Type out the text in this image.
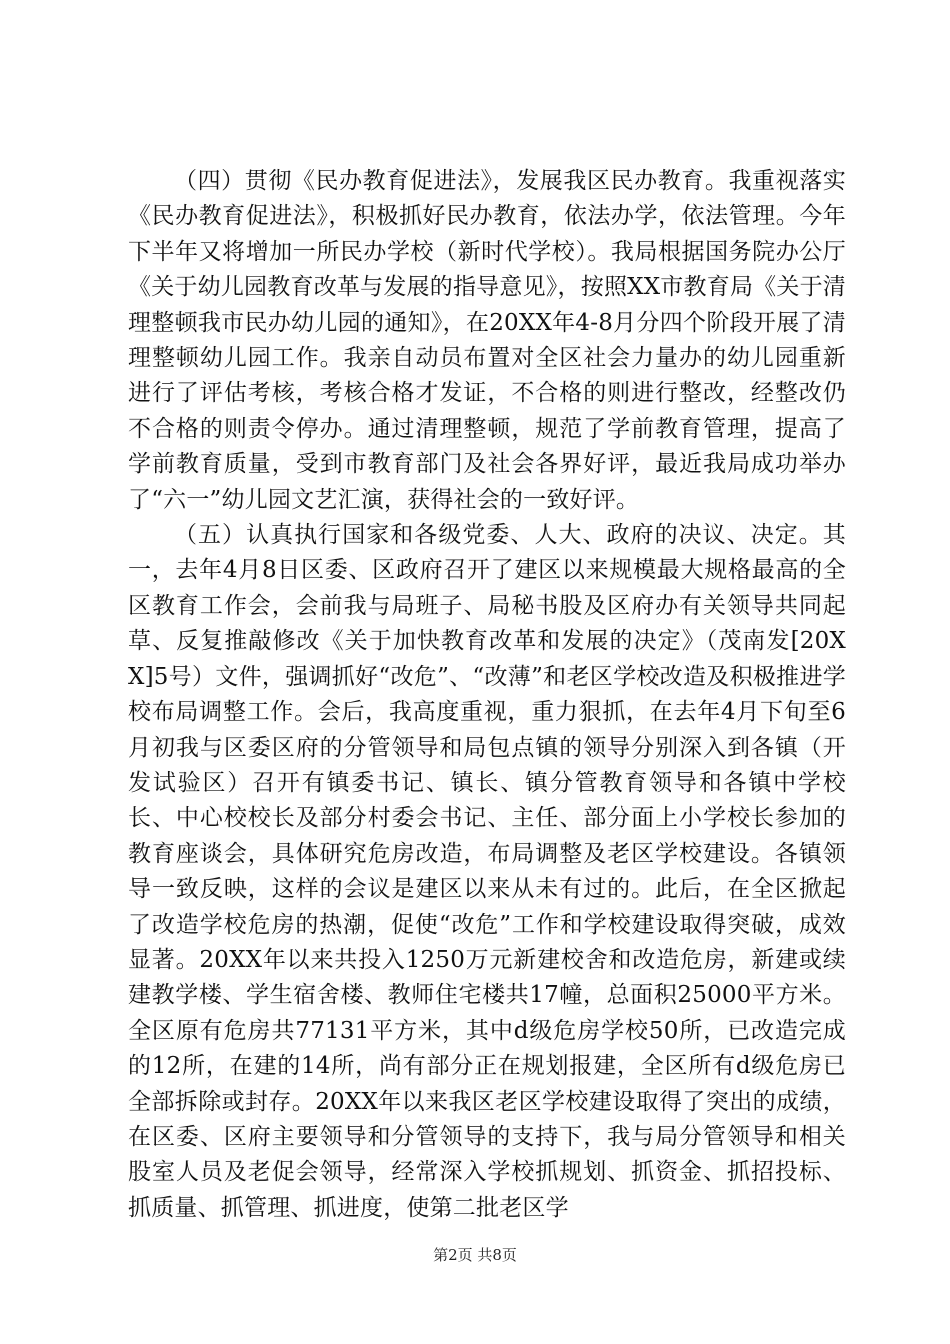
（四）贯彻《民办教育促进法》，发展我区民办教育。我重视落实《民办教育促进法》，积极抓好民办教育，依法办学，依法管理。今年下半年又将增加一所民办学校（新时代学校）。我局根据国务院办公厅《关于幼儿园教育改革与发展的指导意见》，按照XX市教育局《关于清理整顿我市民办幼儿园的通知》，在20XX年4-8月分四个阶段开展了清理整顿幼儿园工作。我亲自动员布置对全区社会力量办的幼儿园重新进行了评估考核，考核合格才发证，不合格的则进行整改，经整改仍不合格的则责令停办。通过清理整顿，规范了学前教育管理，提高了学前教育质量，受到市教育部门及社会各界好评，最近我局成功举办了“六一”幼儿园文艺汇演，获得社会的一致好评。

（五）认真执行国家和各级党委、人大、政府的决议、决定。其一，去年4月8日区委、区政府召开了建区以来规模最大规格最高的全区教育工作会，会前我与局班子、局秘书股及区府办有关领导共同起草、反复推敲修改《关于加快教育改革和发展的决定》（茂南发[20XX]5号）文件，强调抓好“改危”、“改薄”和老区学校改造及积极推进学校布局调整工作。会后，我高度重视，重力狠抓，在去年4月下旬至6月初我与区委区府的分管领导和局包点镇的领导分别深入到各镇（开发试验区）召开有镇委书记、镇长、镇分管教育领导和各镇中学校长、中心校校长及部分村委会书记、主任、部分面上小学校长参加的教育座谈会，具体研究危房改造，布局调整及老区学校建设。各镇领导一致反映，这样的会议是建区以来从未有过的。此后，在全区掀起了改造学校危房的热潮，促使“改危”工作和学校建设取得突破，成效显著。20XX年以来共投入1250万元新建校舍和改造危房，新建或续建教学楼、学生宿舍楼、教师住宅楼共17幢，总面积25000平方米。全区原有危房共77131平方米，其中d级危房学校50所，已改造完成的12所，在建的14所，尚有部分正在规划报建，全区所有d级危房已全部拆除或封存。20XX年以来我区老区学校建设取得了突出的成绩，在区委、区府主要领导和分管领导的支持下，我与局分管领导和相关股室人员及老促会领导，经常深入学校抓规划、抓资金、抓招投标、抓质量、抓管理、抓进度，使第二批老区学

第2页 共8页
